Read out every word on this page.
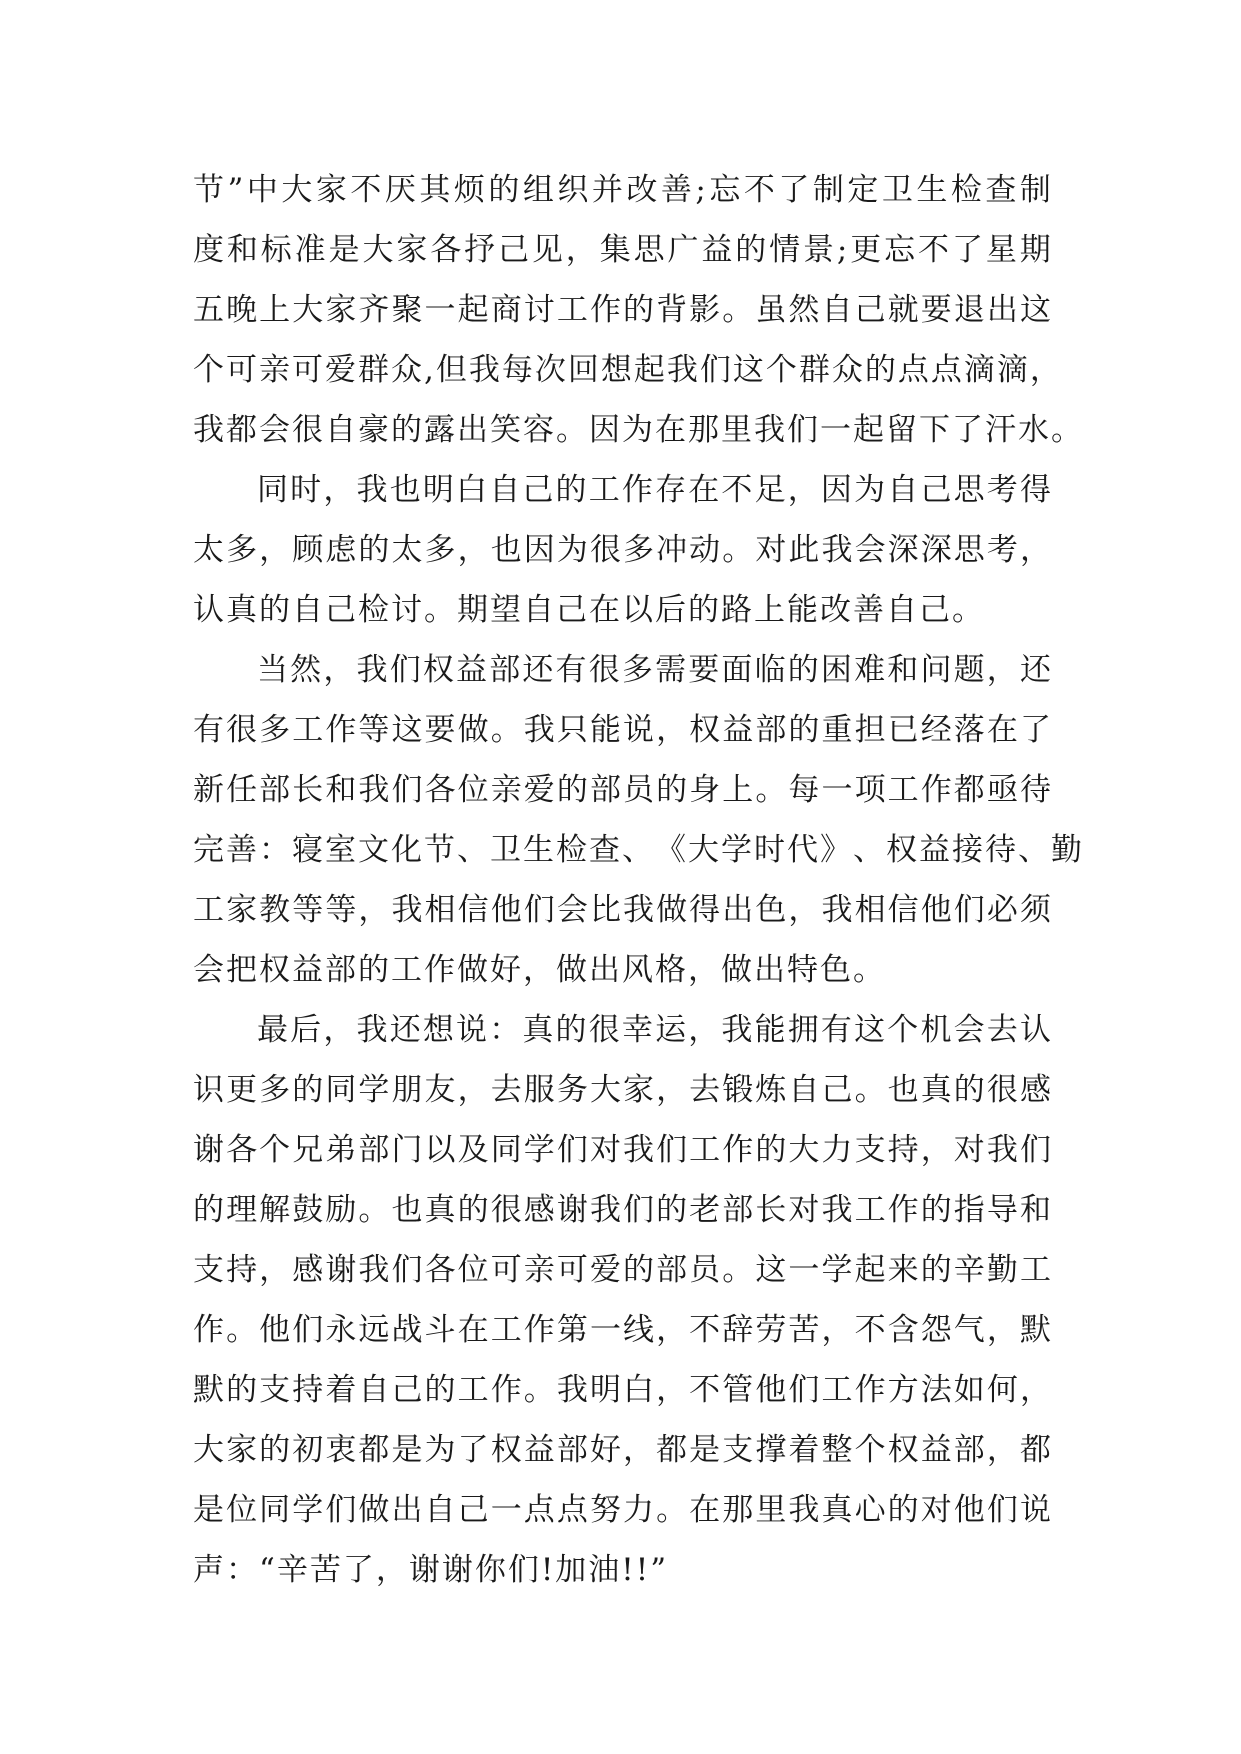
节 ” 中 大 家 不 厌 其 烦 的 组 织 并 改 善 ; 忘 不 了 制 定 卫 生 检 查 制
度 和 标 准 是 大 家 各 抒 己 见 ， 集 思 广 益 的 情 景 ; 更 忘 不 了 星 期
五 晚 上 大 家 齐 聚 一 起 商 讨 工 作 的 背 影 。 虽 然 自 己 就 要 退 出 这
个 可 亲 可 爱 群 众 , 但 我 每 次 回 想 起 我 们 这 个 群 众 的 点 点 滴 滴 ，
我都会很自豪的露出笑容。因为在那里我们一起留下了汗水。
同 时 ， 我 也 明 白 自 己 的 工 作 存 在 不 足 ， 因 为 自 己 思 考 得
太 多 ， 顾 虑 的 太 多 ， 也 因 为 很 多 冲 动 。 对 此 我 会 深 深 思 考 ，
认真的自己检讨。期望自己在以后的路上能改善自己。
当 然 ， 我 们 权 益 部 还 有 很 多 需 要 面 临 的 困 难 和 问 题 ， 还
有 很 多 工 作 等 这 要 做 。 我 只 能 说 ， 权 益 部 的 重 担 已 经 落 在 了
新 任 部 长 和 我 们 各 位 亲 爱 的 部 员 的 身 上 。 每 一 项 工 作 都 亟 待
完 善 ： 寝 室 文 化 节 、 卫 生 检 查 、 《 大 学 时 代 》 、 权 益 接 待 、 勤
工 家 教 等 等 ， 我 相 信 他 们 会 比 我 做 得 出 色 ， 我 相 信 他 们 必 须
会把权益部的工作做好，做出风格，做出特色。
最 后 ， 我 还 想 说 ： 真 的 很 幸 运 ， 我 能 拥 有 这 个 机 会 去 认
识 更 多 的 同 学 朋 友 ， 去 服 务 大 家 ， 去 锻 炼 自 己 。 也 真 的 很 感
谢 各 个 兄 弟 部 门 以 及 同 学 们 对 我 们 工 作 的 大 力 支 持 ， 对 我 们
的 理 解 鼓 励 。 也 真 的 很 感 谢 我 们 的 老 部 长 对 我 工 作 的 指 导 和
支 持 ， 感 谢 我 们 各 位 可 亲 可 爱 的 部 员 。 这 一 学 起 来 的 辛 勤 工
作 。 他 们 永 远 战 斗 在 工 作 第 一 线 ， 不 辞 劳 苦 ， 不 含 怨 气 ， 默
默 的 支 持 着 自 己 的 工 作 。 我 明 白 ， 不 管 他 们 工 作 方 法 如 何 ，
大 家 的 初 衷 都 是 为 了 权 益 部 好 ， 都 是 支 撑 着 整 个 权 益 部 ， 都
是 位 同 学 们 做 出 自 己 一 点 点 努 力 。 在 那 里 我 真 心 的 对 他 们 说
声：“辛苦了，谢谢你们!加油!!”
